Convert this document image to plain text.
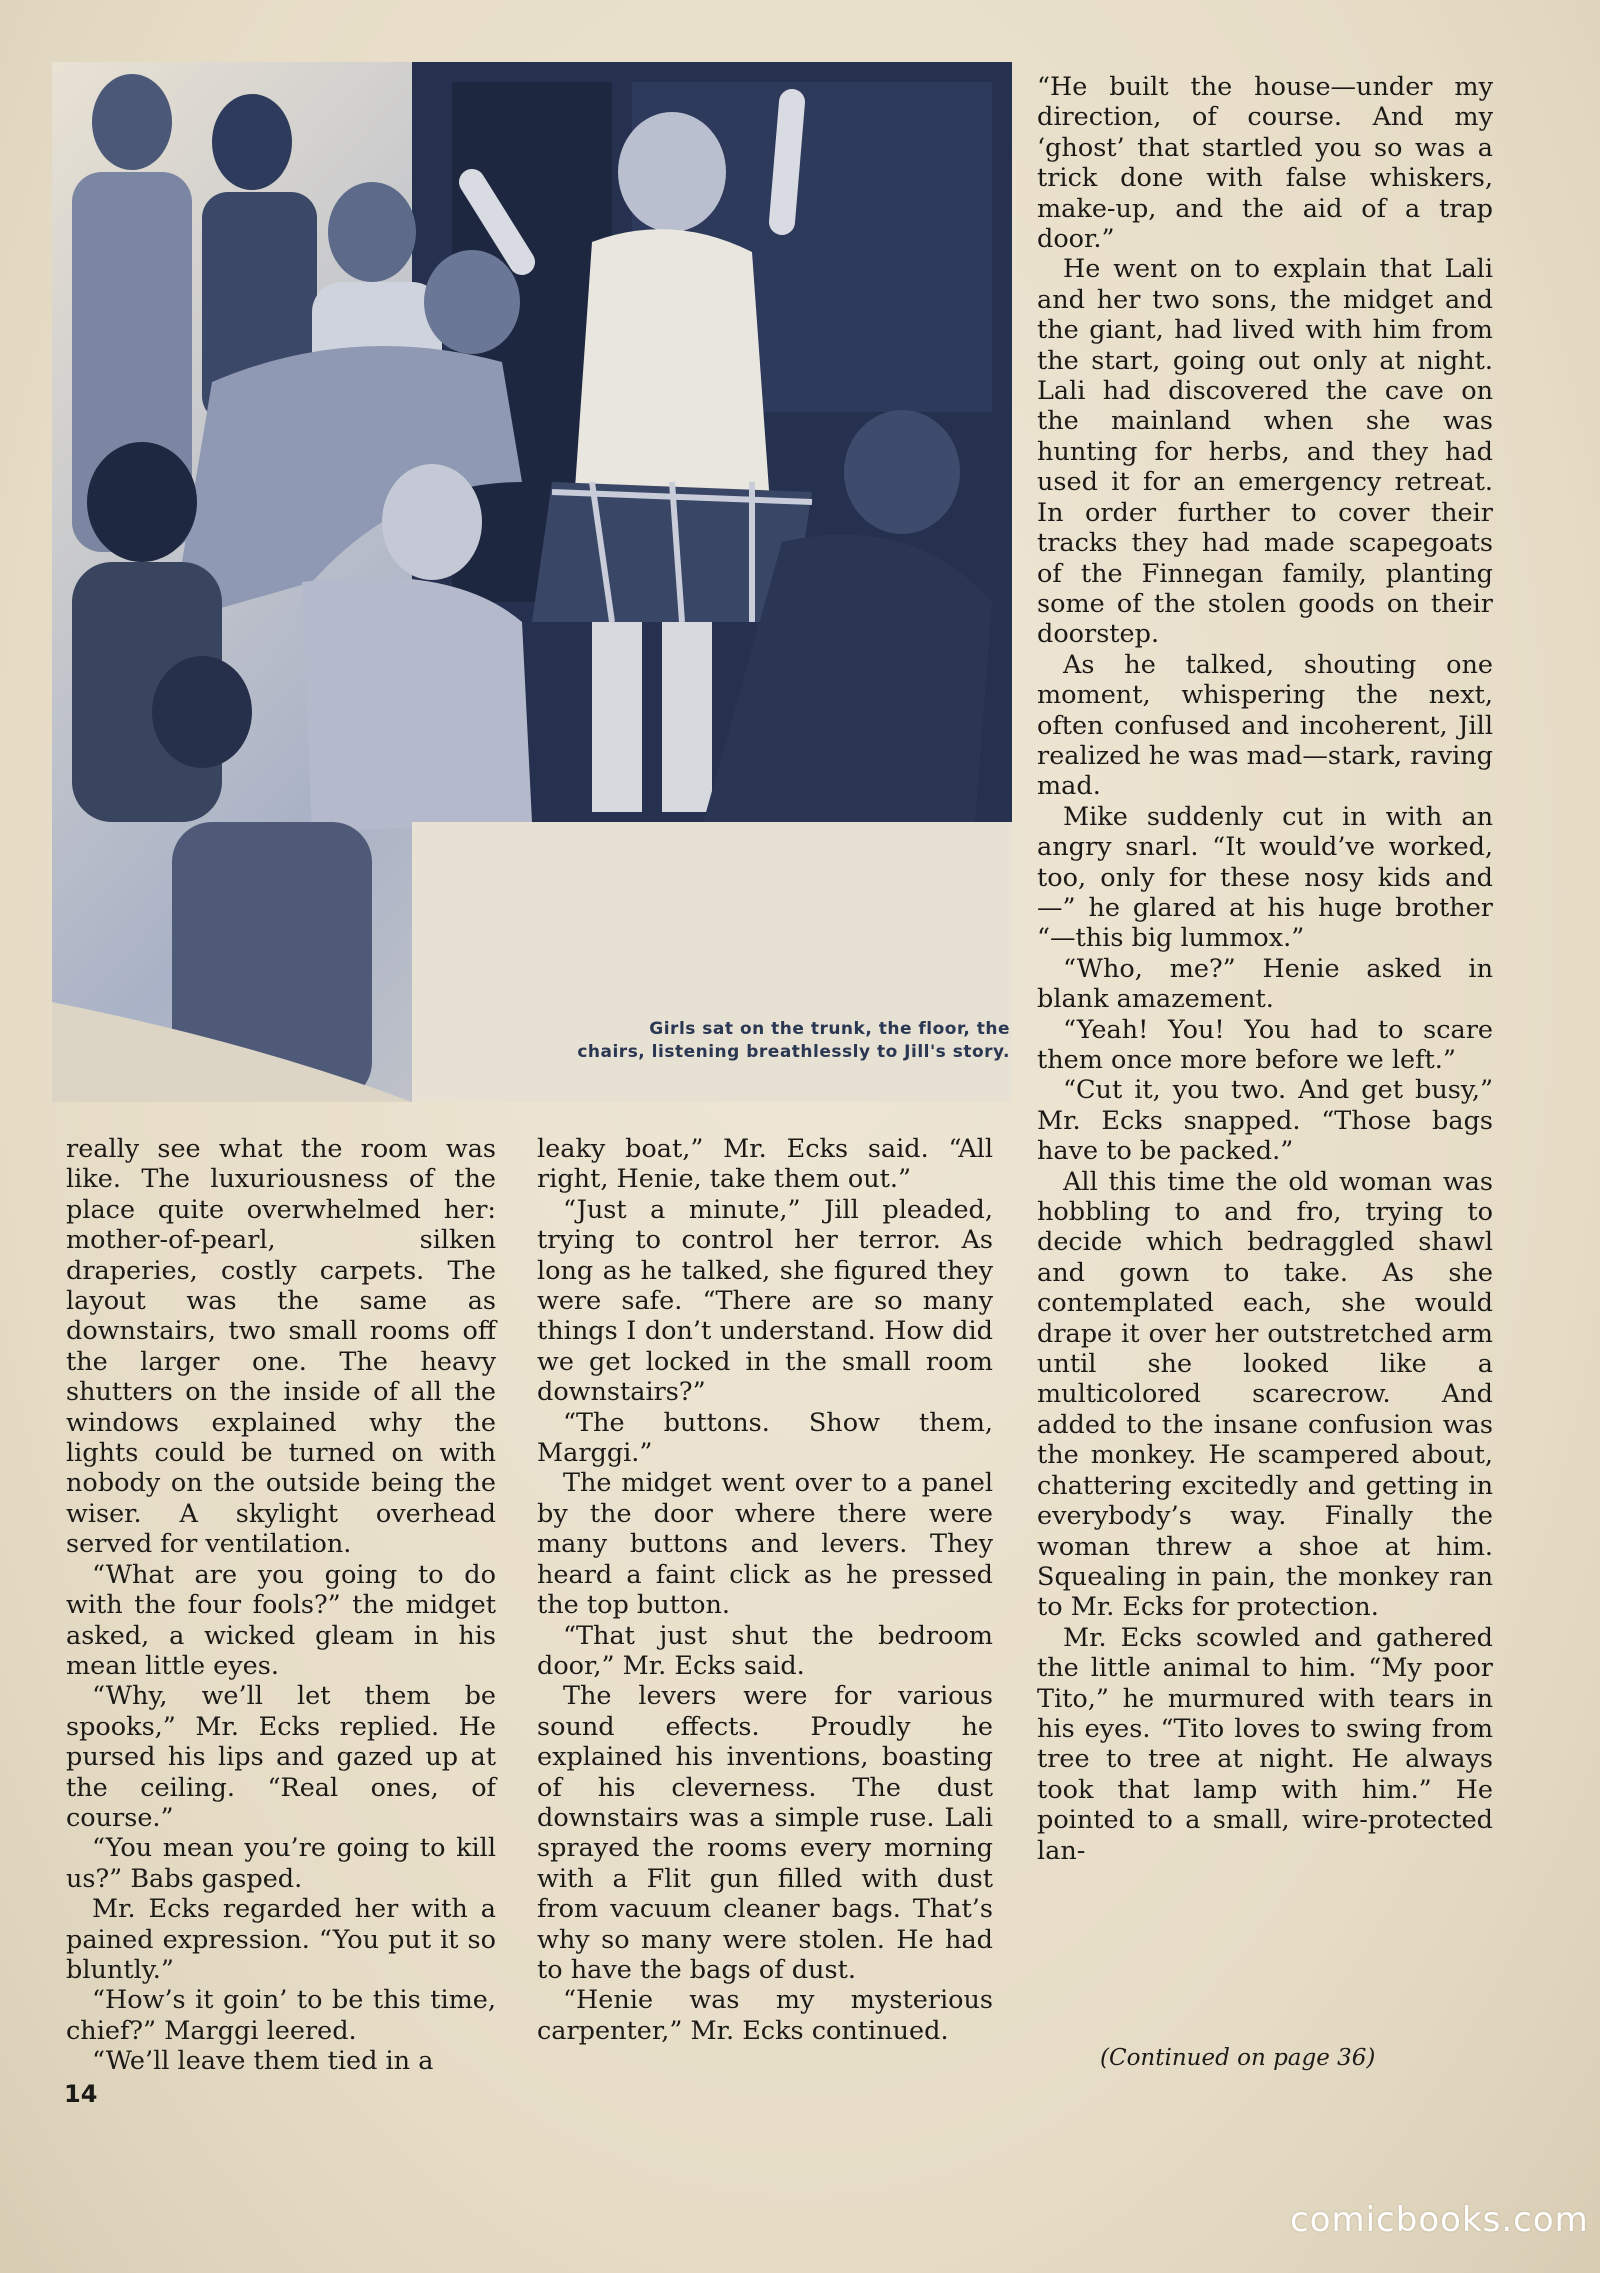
Girls sat on the trunk, the floor, the
chairs, listening breathlessly to Jill's story.

really see what the room was like. The luxuriousness of the place quite overwhelmed her: mother-of-pearl, silken draperies, costly carpets. The layout was the same as downstairs, two small rooms off the larger one. The heavy shutters on the inside of all the windows explained why the lights could be turned on with nobody on the outside being the wiser. A skylight overhead served for ventilation.

“What are you going to do with the four fools?” the midget asked, a wicked gleam in his mean little eyes.

“Why, we’ll let them be spooks,” Mr. Ecks replied. He pursed his lips and gazed up at the ceiling. “Real ones, of course.”

“You mean you’re going to kill us?” Babs gasped.

Mr. Ecks regarded her with a pained expression. “You put it so bluntly.”

“How’s it goin’ to be this time, chief?” Marggi leered.

“We’ll leave them tied in a

leaky boat,” Mr. Ecks said. “All right, Henie, take them out.”

“Just a minute,” Jill pleaded, trying to control her terror. As long as he talked, she figured they were safe. “There are so many things I don’t understand. How did we get locked in the small room downstairs?”

“The buttons. Show them, Marggi.”

The midget went over to a panel by the door where there were many buttons and levers. They heard a faint click as he pressed the top button.

“That just shut the bedroom door,” Mr. Ecks said.

The levers were for various sound effects. Proudly he explained his inventions, boasting of his cleverness. The dust downstairs was a simple ruse. Lali sprayed the rooms every morning with a Flit gun filled with dust from vacuum cleaner bags. That’s why so many were stolen. He had to have the bags of dust.

“Henie was my mysterious carpenter,” Mr. Ecks continued.

“He built the house—under my direction, of course. And my ‘ghost’ that startled you so was a trick done with false whiskers, make-up, and the aid of a trap door.”

He went on to explain that Lali and her two sons, the midget and the giant, had lived with him from the start, going out only at night. Lali had discovered the cave on the mainland when she was hunting for herbs, and they had used it for an emergency retreat. In order further to cover their tracks they had made scapegoats of the Finnegan family, planting some of the stolen goods on their doorstep.

As he talked, shouting one moment, whispering the next, often confused and incoherent, Jill realized he was mad—stark, raving mad.

Mike suddenly cut in with an angry snarl. “It would’ve worked, too, only for these nosy kids and—” he glared at his huge brother “—this big lummox.”

“Who, me?” Henie asked in blank amazement.

“Yeah! You! You had to scare them once more before we left.”

“Cut it, you two. And get busy,” Mr. Ecks snapped. “Those bags have to be packed.”

All this time the old woman was hobbling to and fro, trying to decide which bedraggled shawl and gown to take. As she contemplated each, she would drape it over her outstretched arm until she looked like a multicolored scarecrow. And added to the insane confusion was the monkey. He scampered about, chattering excitedly and getting in everybody’s way. Finally the woman threw a shoe at him. Squealing in pain, the monkey ran to Mr. Ecks for protection.

Mr. Ecks scowled and gathered the little animal to him. “My poor Tito,” he murmured with tears in his eyes. “Tito loves to swing from tree to tree at night. He always took that lamp with him.” He pointed to a small, wire-protected lan-

(Continued on page 36)
14
comicbooks.com
